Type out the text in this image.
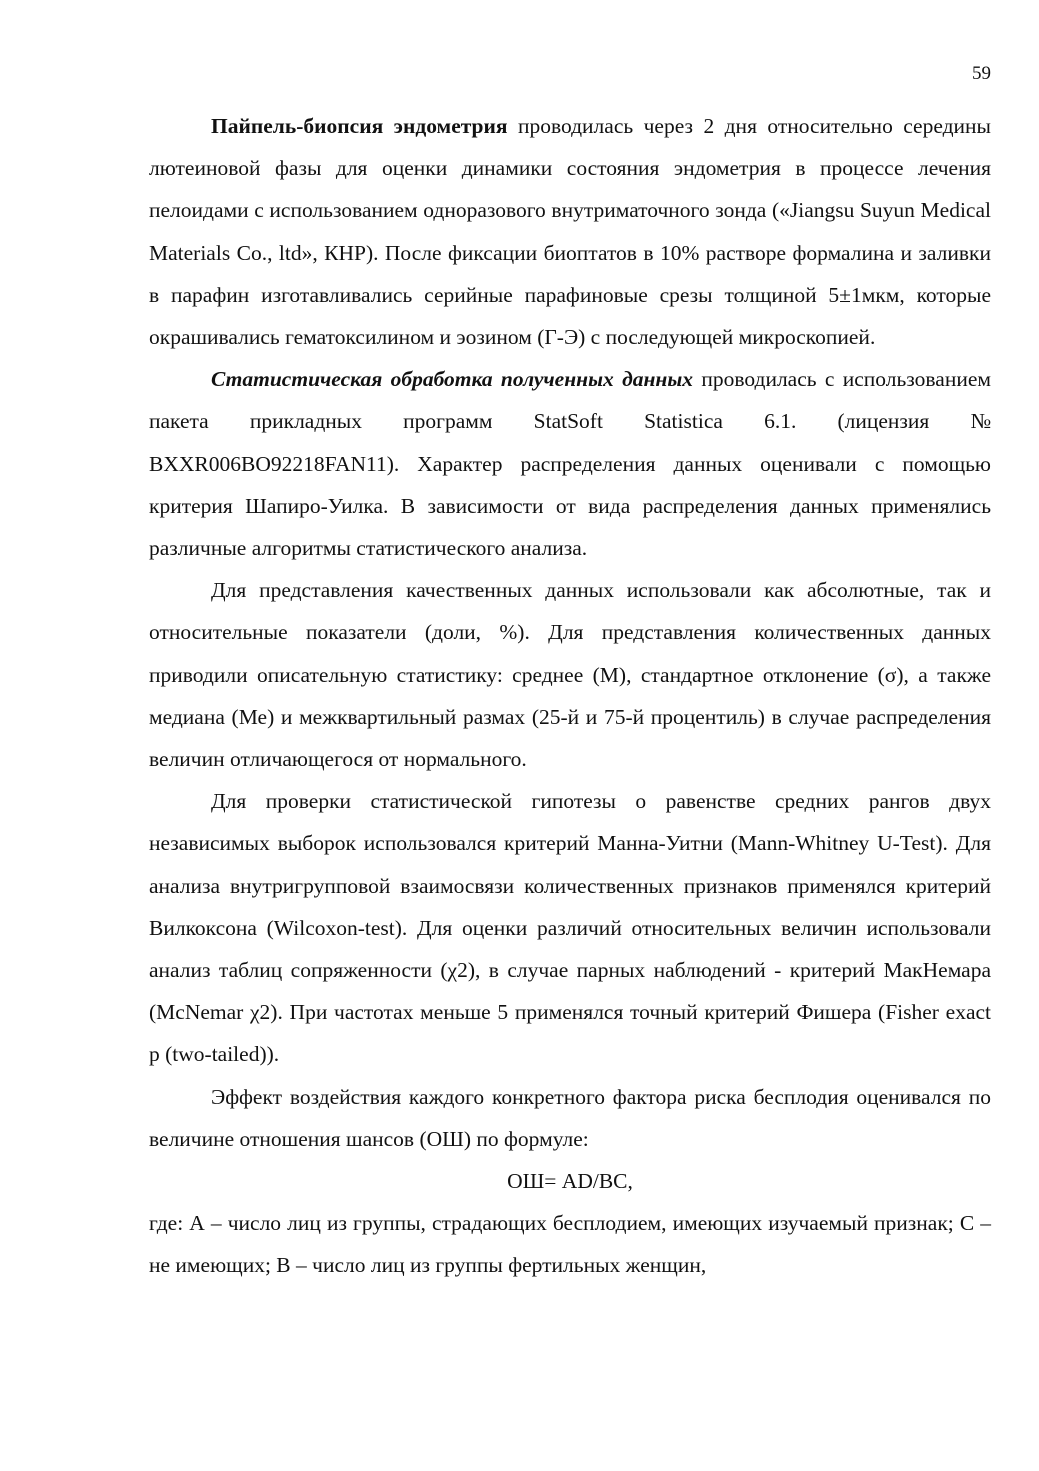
59

Пайпель-биопсия эндометрия проводилась через 2 дня относительно середины лютеиновой фазы для оценки динамики состояния эндометрия в процессе лечения пелоидами с использованием одноразового внутриматочного зонда («Jiangsu Suyun Medical Materials Co., ltd», КНР). После фиксации биоптатов в 10% растворе формалина и заливки в парафин изготавливались серийные парафиновые срезы толщиной 5±1мкм, которые окрашивались гематоксилином и эозином (Г-Э) с последующей микроскопией.

Статистическая обработка полученных данных проводилась с использованием пакета прикладных программ StatSoft Statistica 6.1. (лицензия № BXXR006BO92218FAN11). Характер распределения данных оценивали с помощью критерия Шапиро-Уилка. В зависимости от вида распределения данных применялись различные алгоритмы статистического анализа.

Для представления качественных данных использовали как абсолютные, так и относительные показатели (доли, %). Для представления количественных данных приводили описательную статистику: среднее (М), стандартное отклонение (σ), а также медиана (Ме) и межквартильный размах (25-й и 75-й процентиль) в случае распределения величин отличающегося от нормального.

Для проверки статистической гипотезы о равенстве средних рангов двух независимых выборок использовался критерий Манна-Уитни (Mann-Whitney U-Test). Для анализа внутригрупповой взаимосвязи количественных признаков применялся критерий Вилкоксона (Wilcoxon-test). Для оценки различий относительных величин использовали анализ таблиц сопряженности (χ2), в случае парных наблюдений - критерий МакНемара (McNemar χ2). При частотах меньше 5 применялся точный критерий Фишера (Fisher exact p (two-tailed)).

Эффект воздействия каждого конкретного фактора риска бесплодия оценивался по величине отношения шансов (ОШ) по формуле:

ОШ= AD/BC,

где: А – число лиц из группы, страдающих бесплодием, имеющих изучаемый признак; С – не имеющих; В – число лиц из группы фертильных женщин,
